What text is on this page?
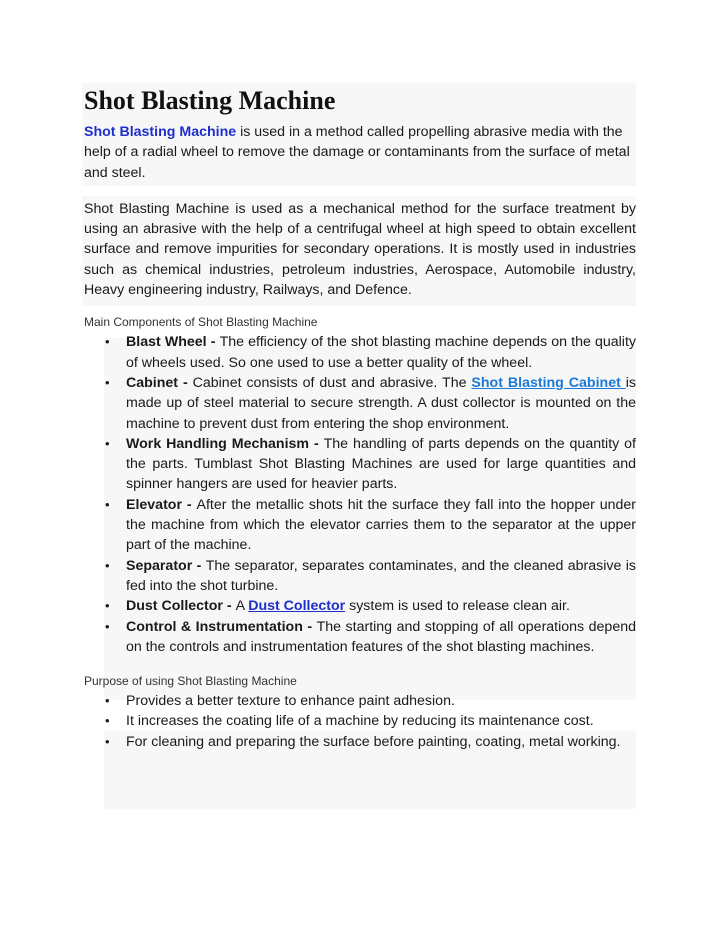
Shot Blasting Machine

Shot Blasting Machine is used in a method called propelling abrasive media with the help of a radial wheel to remove the damage or contaminants from the surface of metal and steel.

Shot Blasting Machine is used as a mechanical method for the surface treatment by using an abrasive with the help of a centrifugal wheel at high speed to obtain excellent surface and remove impurities for secondary operations. It is mostly used in industries such as chemical industries, petroleum industries, Aerospace, Automobile industry, Heavy engineering industry, Railways, and Defence.

Main Components of Shot Blasting Machine
• Blast Wheel - The efficiency of the shot blasting machine depends on the quality of wheels used. So one used to use a better quality of the wheel.
• Cabinet - Cabinet consists of dust and abrasive. The Shot Blasting Cabinet is made up of steel material to secure strength. A dust collector is mounted on the machine to prevent dust from entering the shop environment.
• Work Handling Mechanism - The handling of parts depends on the quantity of the parts. Tumblast Shot Blasting Machines are used for large quantities and spinner hangers are used for heavier parts.
• Elevator - After the metallic shots hit the surface they fall into the hopper under the machine from which the elevator carries them to the separator at the upper part of the machine.
• Separator - The separator, separates contaminates, and the cleaned abrasive is fed into the shot turbine.
• Dust Collector - A Dust Collector system is used to release clean air.
• Control & Instrumentation - The starting and stopping of all operations depend on the controls and instrumentation features of the shot blasting machines.
Purpose of using Shot Blasting Machine
• Provides a better texture to enhance paint adhesion.
• It increases the coating life of a machine by reducing its maintenance cost.
• For cleaning and preparing the surface before painting, coating, metal working.
